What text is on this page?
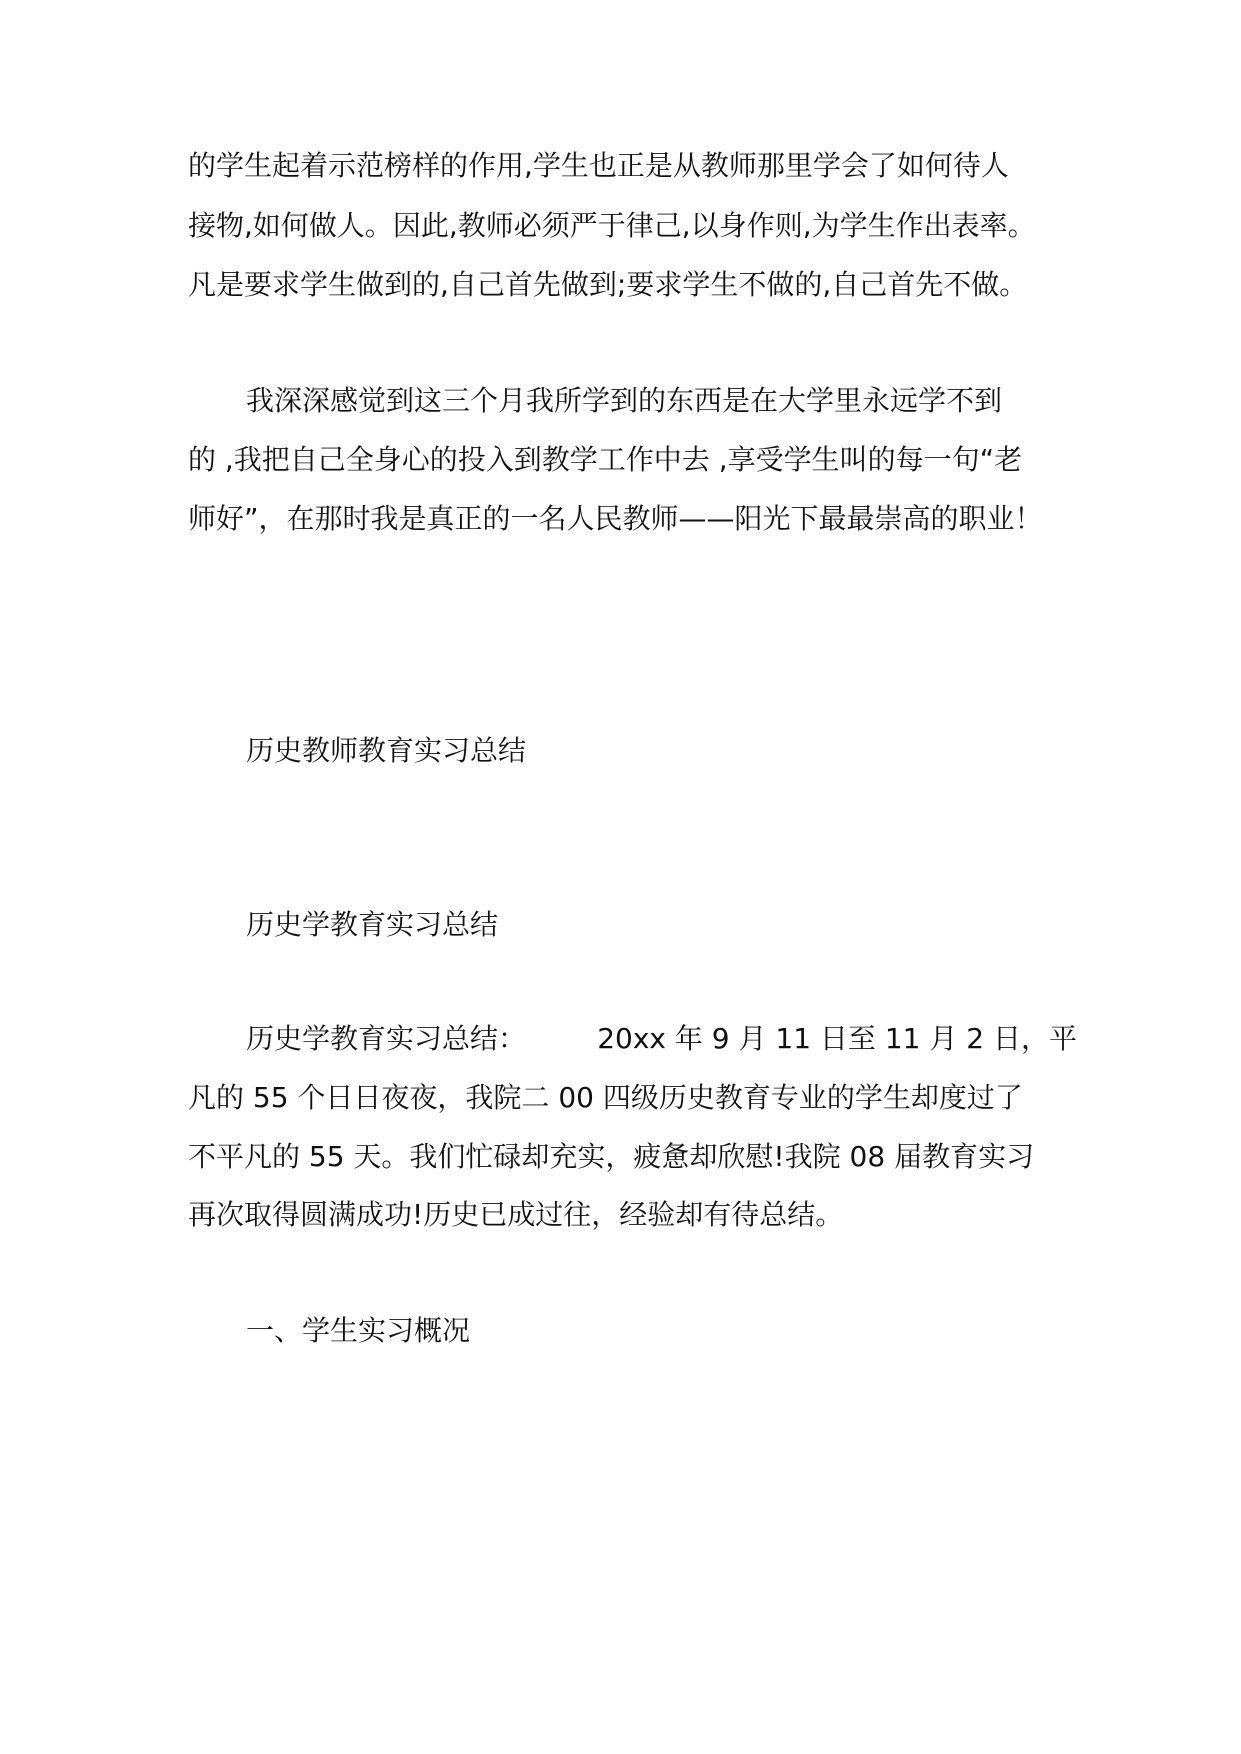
的学生起着示范榜样的作用,学生也正是从教师那里学会了如何待人

接物,如何做人。因此,教师必须严于律己,以身作则,为学生作出表率。

凡是要求学生做到的,自己首先做到;要求学生不做的,自己首先不做。

我深深感觉到这三个月我所学到的东西是在大学里永远学不到

的 ,我把自己全身心的投入到教学工作中去 ,享受学生叫的每一句“老

师好”，在那时我是真正的一名人民教师——阳光下最最崇高的职业！

历史教师教育实习总结

历史学教育实习总结

历史学教育实习总结：        20xx 年 9 月 11 日至 11 月 2 日，平

凡的 55 个日日夜夜，我院二 00 四级历史教育专业的学生却度过了

不平凡的 55 天。我们忙碌却充实，疲惫却欣慰!我院 08 届教育实习

再次取得圆满成功!历史已成过往，经验却有待总结。

一、学生实习概况
